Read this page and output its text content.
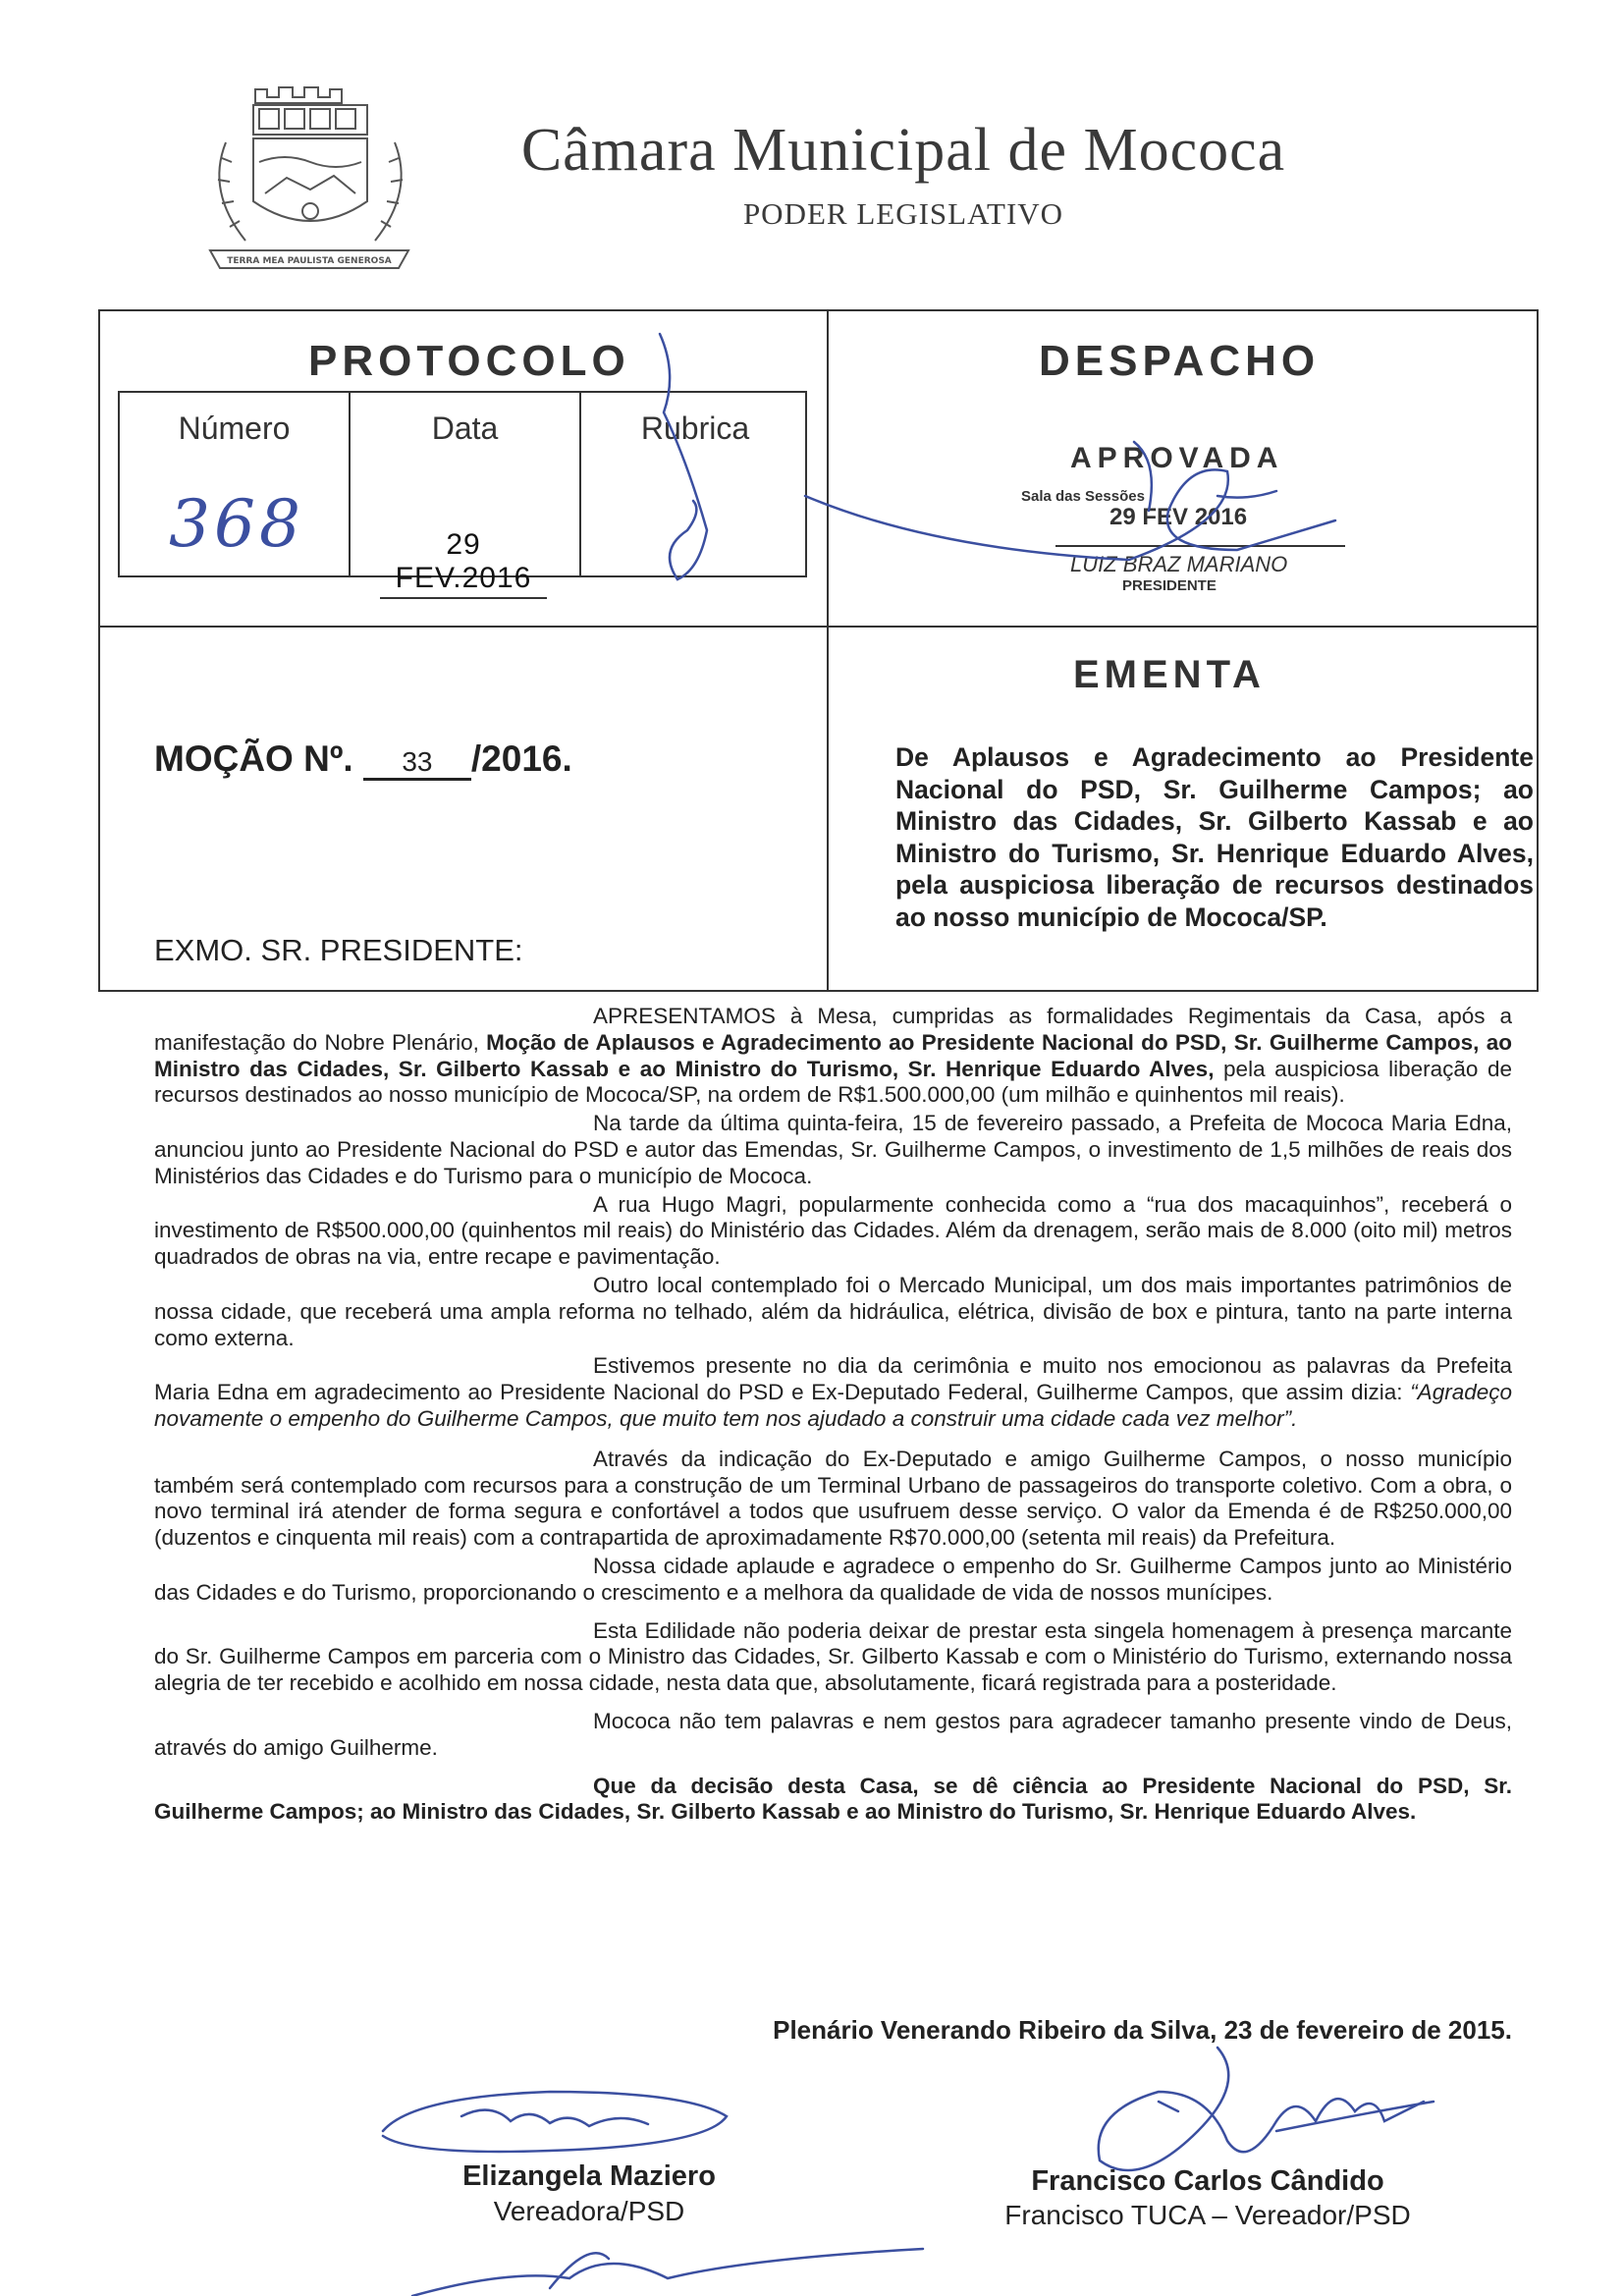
TERRA MEA PAULISTA GENEROSA
Câmara Municipal de Mococa
PODER LEGISLATIVO
PROTOCOLO
Número
368
Data
29 FEV.2016
Rubrica
DESPACHO
APROVADA
Sala das Sessões
29 FEV 2016
LUIZ BRAZ MARIANO
PRESIDENTE
MOÇÃO Nº. 33 /2016.
EMENTA
De Aplausos e Agradecimento ao Presidente Nacional do PSD, Sr. Guilherme Campos; ao Ministro das Cidades, Sr. Gilberto Kassab e ao Ministro do Turismo, Sr. Henrique Eduardo Alves, pela auspiciosa liberação de recursos destinados ao nosso município de Mococa/SP.
EXMO. SR. PRESIDENTE:

APRESENTAMOS à Mesa, cumpridas as formalidades Regimentais da Casa, após a manifestação do Nobre Plenário, Moção de Aplausos e Agradecimento ao Presidente Nacional do PSD, Sr. Guilherme Campos, ao Ministro das Cidades, Sr. Gilberto Kassab e ao Ministro do Turismo, Sr. Henrique Eduardo Alves, pela auspiciosa liberação de recursos destinados ao nosso município de Mococa/SP, na ordem de R$1.500.000,00 (um milhão e quinhentos mil reais).

Na tarde da última quinta-feira, 15 de fevereiro passado, a Prefeita de Mococa Maria Edna, anunciou junto ao Presidente Nacional do PSD e autor das Emendas, Sr. Guilherme Campos, o investimento de 1,5 milhões de reais dos Ministérios das Cidades e do Turismo para o município de Mococa.

A rua Hugo Magri, popularmente conhecida como a “rua dos macaquinhos”, receberá o investimento de R$500.000,00 (quinhentos mil reais) do Ministério das Cidades. Além da drenagem, serão mais de 8.000 (oito mil) metros quadrados de obras na via, entre recape e pavimentação.

Outro local contemplado foi o Mercado Municipal, um dos mais importantes patrimônios de nossa cidade, que receberá uma ampla reforma no telhado, além da hidráulica, elétrica, divisão de box e pintura, tanto na parte interna como externa.

Estivemos presente no dia da cerimônia e muito nos emocionou as palavras da Prefeita Maria Edna em agradecimento ao Presidente Nacional do PSD e Ex-Deputado Federal, Guilherme Campos, que assim dizia: “Agradeço novamente o empenho do Guilherme Campos, que muito tem nos ajudado a construir uma cidade cada vez melhor”.

Através da indicação do Ex-Deputado e amigo Guilherme Campos, o nosso município também será contemplado com recursos para a construção de um Terminal Urbano de passageiros do transporte coletivo. Com a obra, o novo terminal irá atender de forma segura e confortável a todos que usufruem desse serviço. O valor da Emenda é de R$250.000,00 (duzentos e cinquenta mil reais) com a contrapartida de aproximadamente R$70.000,00 (setenta mil reais) da Prefeitura.

Nossa cidade aplaude e agradece o empenho do Sr. Guilherme Campos junto ao Ministério das Cidades e do Turismo, proporcionando o crescimento e a melhora da qualidade de vida de nossos munícipes.

Esta Edilidade não poderia deixar de prestar esta singela homenagem à presença marcante do Sr. Guilherme Campos em parceria com o Ministro das Cidades, Sr. Gilberto Kassab e com o Ministério do Turismo, externando nossa alegria de ter recebido e acolhido em nossa cidade, nesta data que, absolutamente, ficará registrada para a posteridade.

Mococa não tem palavras e nem gestos para agradecer tamanho presente vindo de Deus, através do amigo Guilherme.

Que da decisão desta Casa, se dê ciência ao Presidente Nacional do PSD, Sr. Guilherme Campos; ao Ministro das Cidades, Sr. Gilberto Kassab e ao Ministro do Turismo, Sr. Henrique Eduardo Alves.

Plenário Venerando Ribeiro da Silva, 23 de fevereiro de 2015.
Elizangela Maziero
Vereadora/PSD
Francisco Carlos Cândido
Francisco TUCA – Vereador/PSD
